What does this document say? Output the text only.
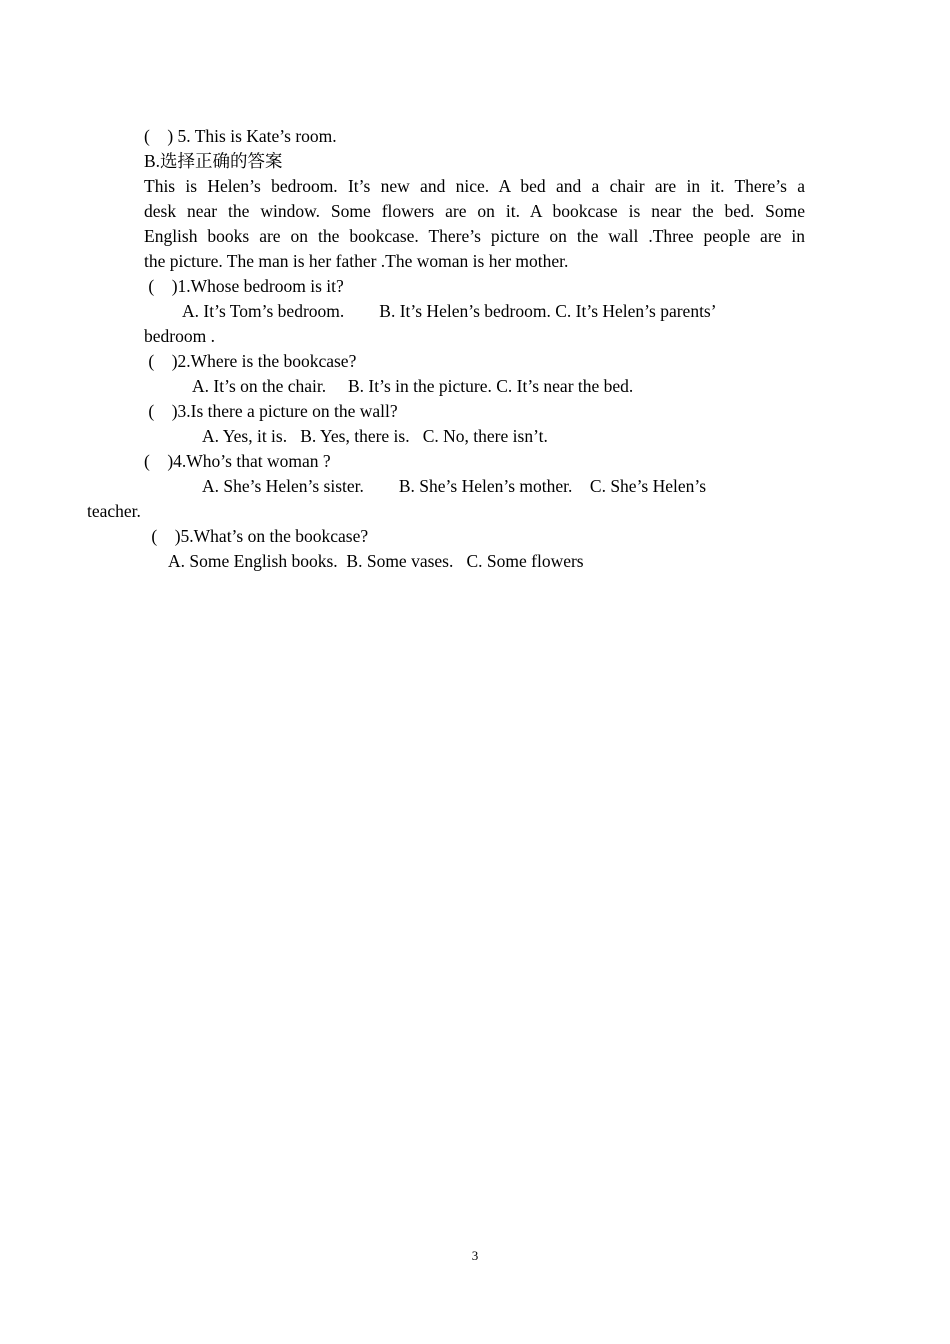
(    ) 5. This is Kate’s room.

B.选择正确的答案

This is Helen’s bedroom. It’s new and nice. A bed and a chair are in it. There’s a

desk near the window. Some flowers are on it. A bookcase is near the bed. Some

English books are on the bookcase. There’s picture on the wall .Three people are in

the picture. The man is her father .The woman is her mother.

(    )1.Whose bedroom is it?

A. It’s Tom’s bedroom.        B. It’s Helen’s bedroom. C. It’s Helen’s parents’

bedroom .

(    )2.Where is the bookcase?

A. It’s on the chair.     B. It’s in the picture. C. It’s near the bed.

(    )3.Is there a picture on the wall?

A. Yes, it is.   B. Yes, there is.   C. No, there isn’t.

(    )4.Who’s that woman ?

A. She’s Helen’s sister.        B. She’s Helen’s mother.    C. She’s Helen’s

teacher.

(    )5.What’s on the bookcase?

A. Some English books.  B. Some vases.   C. Some flowers

3
